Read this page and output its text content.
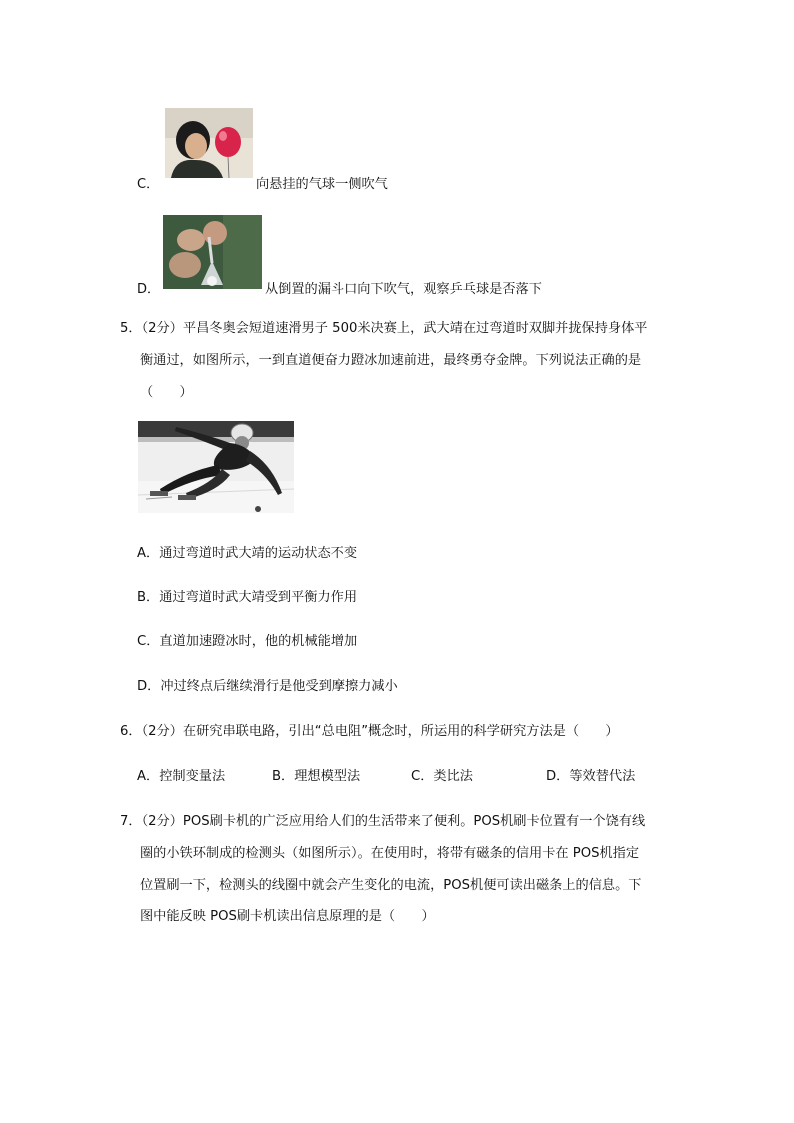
C．	向悬挂的气球一侧吹气
D．	从倒置的漏斗口向下吹气，观察乒乓球是否落下
5．（2分）平昌冬奥会短道速滑男子 500米决赛上，武大靖在过弯道时双脚并拢保持身体平
衡通过，如图所示，一到直道便奋力蹬冰加速前进，最终勇夺金牌。下列说法正确的是
（　　）
A．通过弯道时武大靖的运动状态不变
B．通过弯道时武大靖受到平衡力作用
C．直道加速蹬冰时，他的机械能增加
D．冲过终点后继续滑行是他受到摩擦力减小
6．（2分）在研究串联电路，引出“总电阻”概念时，所运用的科学研究方法是（　　）
A．控制变量法	B．理想模型法	C．类比法	D．等效替代法
7．（2分）POS刷卡机的广泛应用给人们的生活带来了便利。POS机刷卡位置有一个饶有线
圈的小铁环制成的检测头（如图所示）。在使用时，将带有磁条的信用卡在 POS机指定
位置刷一下，检测头的线圈中就会产生变化的电流，POS机便可读出磁条上的信息。下
图中能反映 POS刷卡机读出信息原理的是（　　）
